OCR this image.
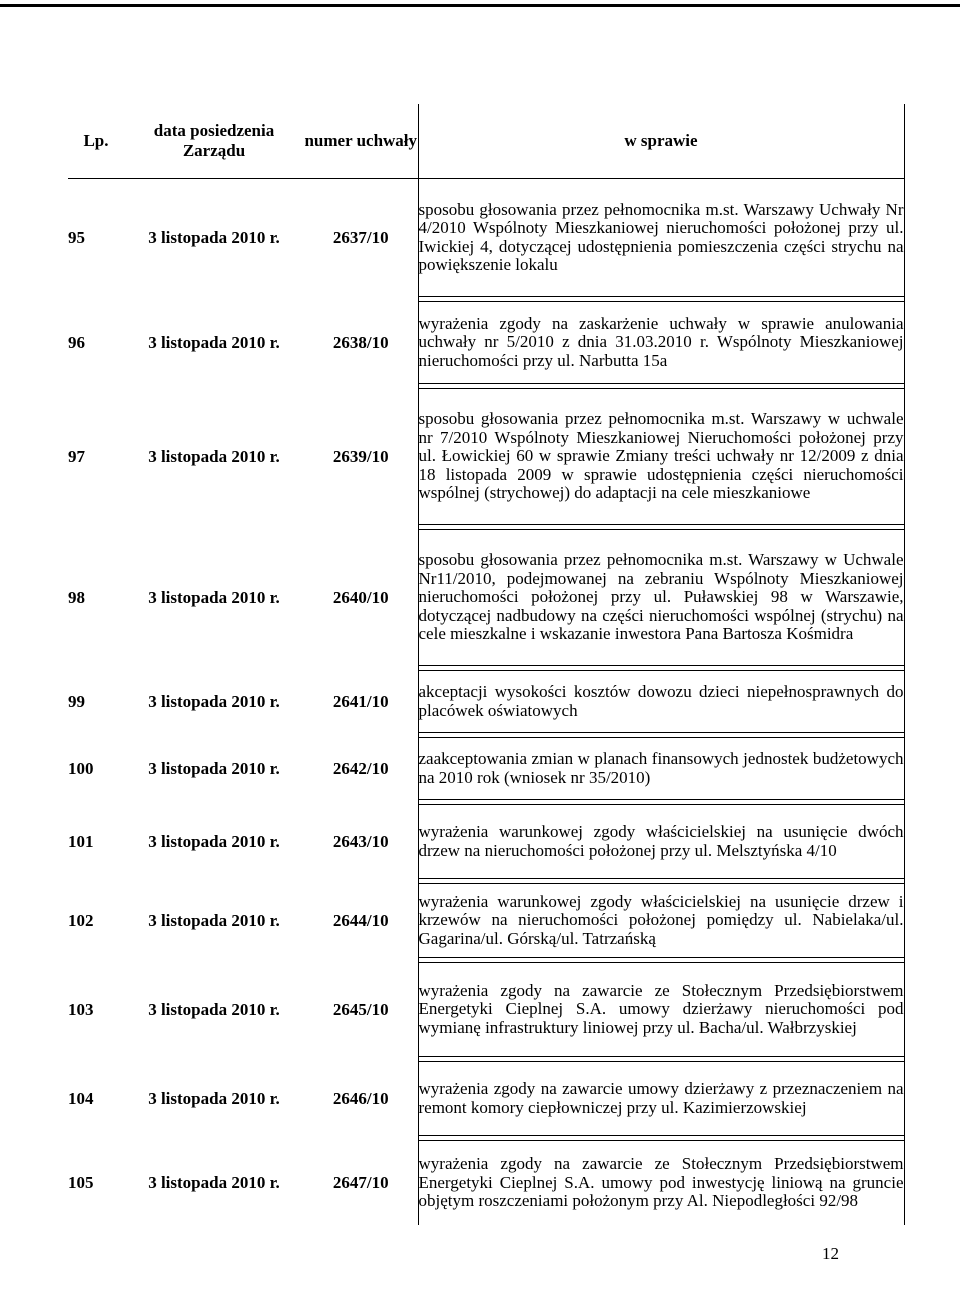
Lp.	data posiedzenia Zarządu	numer uchwały	w sprawie
95	3 listopada 2010 r.	2637/10	sposobu głosowania przez pełnomocnika m.st. Warszawy Uchwały Nr 4/2010 Wspólnoty Mieszkaniowej nieruchomości położonej przy ul. Iwickiej 4, dotyczącej udostępnienia pomieszczenia części strychu na powiększenie lokalu

96	3 listopada 2010 r.	2638/10	wyrażenia zgody na zaskarżenie uchwały w sprawie anulowania uchwały nr 5/2010 z dnia 31.03.2010 r. Wspólnoty Mieszkaniowej nieruchomości przy ul. Narbutta 15a

97	3 listopada 2010 r.	2639/10	sposobu głosowania przez pełnomocnika m.st. Warszawy w uchwale nr 7/2010 Wspólnoty Mieszkaniowej Nieruchomości położonej przy ul. Łowickiej 60 w sprawie Zmiany treści uchwały nr 12/2009 z dnia 18 listopada 2009 w sprawie udostępnienia części nieruchomości wspólnej (strychowej) do adaptacji na cele mieszkaniowe

98	3 listopada 2010 r.	2640/10	sposobu głosowania przez pełnomocnika m.st. Warszawy w Uchwale Nr11/2010, podejmowanej na zebraniu Wspólnoty Mieszkaniowej nieruchomości położonej przy ul. Puławskiej 98 w Warszawie, dotyczącej nadbudowy na części nieruchomości wspólnej (strychu) na cele mieszkalne i wskazanie inwestora Pana Bartosza Kośmidra

99	3 listopada 2010 r.	2641/10	akceptacji wysokości kosztów dowozu dzieci niepełnosprawnych do placówek oświatowych

100	3 listopada 2010 r.	2642/10	zaakceptowania zmian w planach finansowych jednostek budżetowych na 2010 rok (wniosek nr 35/2010)

101	3 listopada 2010 r.	2643/10	wyrażenia warunkowej zgody właścicielskiej na usunięcie dwóch drzew na nieruchomości położonej przy ul. Melsztyńska 4/10

102	3 listopada 2010 r.	2644/10	wyrażenia warunkowej zgody właścicielskiej na usunięcie drzew i krzewów na nieruchomości położonej pomiędzy ul. Nabielaka/ul. Gagarina/ul. Górską/ul. Tatrzańską

103	3 listopada 2010 r.	2645/10	wyrażenia zgody na zawarcie ze Stołecznym Przedsiębiorstwem Energetyki Cieplnej S.A. umowy dzierżawy nieruchomości pod wymianę infrastruktury liniowej przy ul. Bacha/ul. Wałbrzyskiej

104	3 listopada 2010 r.	2646/10	wyrażenia zgody na zawarcie umowy dzierżawy z przeznaczeniem na remont komory ciepłowniczej przy ul. Kazimierzowskiej

105	3 listopada 2010 r.	2647/10	wyrażenia zgody na zawarcie ze Stołecznym Przedsiębiorstwem Energetyki Cieplnej S.A. umowy pod inwestycję liniową na gruncie objętym roszczeniami położonym przy Al. Niepodległości 92/98
12
